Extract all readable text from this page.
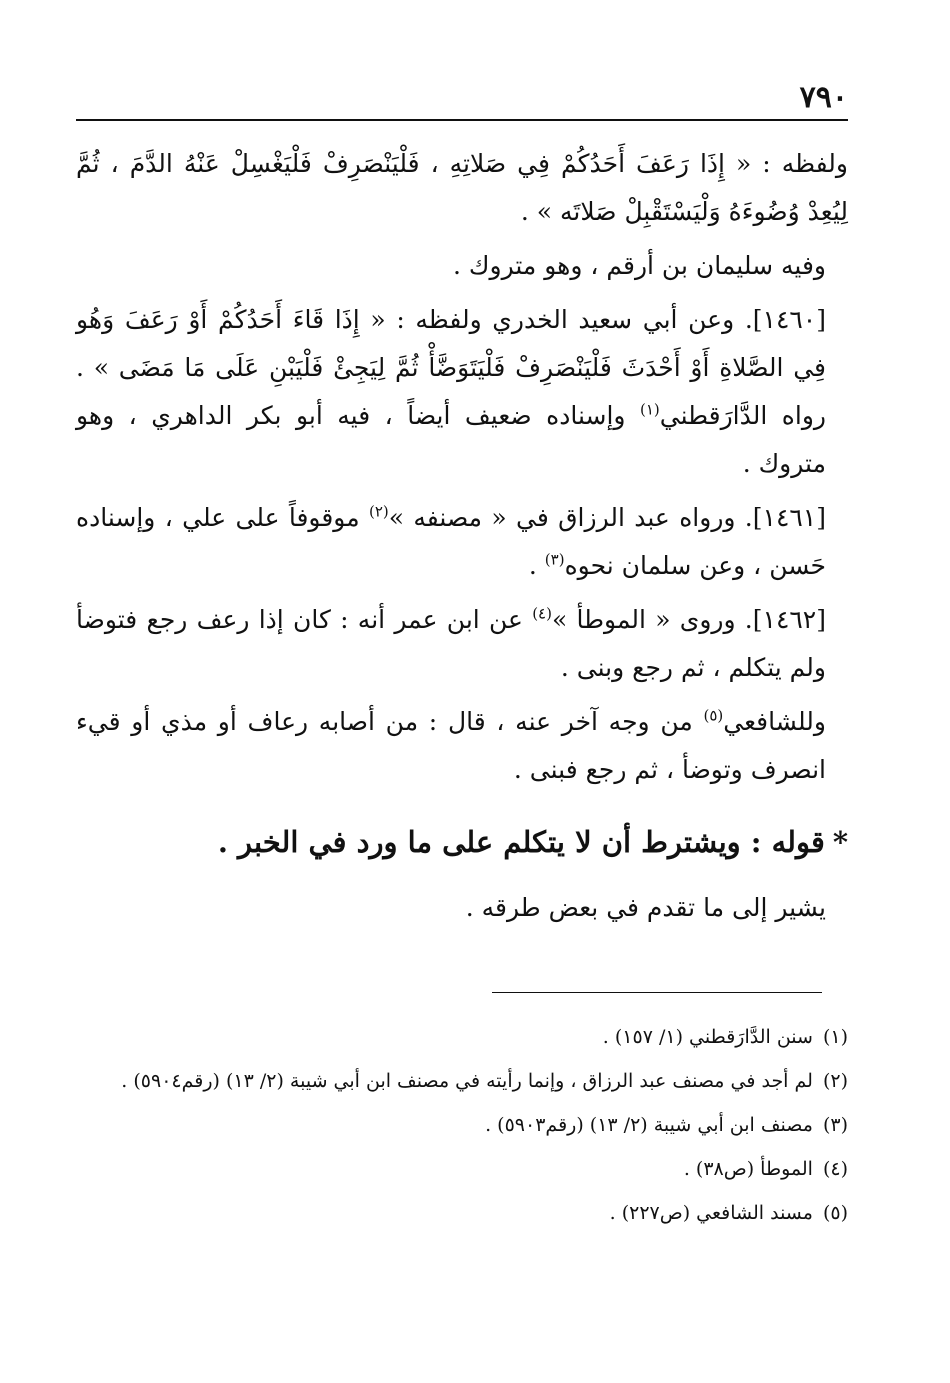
٧٩٠

ولفظه : « إِذَا رَعَفَ أَحَدُكُمْ فِي صَلاتِهِ ، فَلْيَنْصَرِفْ فَلْيَغْسِلْ عَنْهُ الدَّمَ ، ثُمَّ لِيُعِدْ وُضُوءَهُ وَلْيَسْتَقْبِلْ صَلاتَه » .

وفيه سليمان بن أرقم ، وهو متروك .

[١٤٦٠]. وعن أبي سعيد الخدري ولفظه : « إِذَا قَاءَ أَحَدُكُمْ أَوْ رَعَفَ وَهُو فِي الصَّلاةِ أَوْ أَحْدَثَ فَلْيَنْصَرِفْ فَلْيَتَوَضَّأْ ثُمَّ لِيَجِئْ فَلْيَبْنِ عَلَى مَا مَضَى » . رواه الدَّارَقطني$^{(١)}$ وإسناده ضعيف أيضاً ، فيه أبو بكر الداهري ، وهو متروك .

[١٤٦١]. ورواه عبد الرزاق في « مصنفه »$^{(٢)}$ موقوفاً على علي ، وإسناده حَسن ، وعن سلمان نحوه$^{(٣)}$ .

[١٤٦٢]. وروى « الموطأ »$^{(٤)}$ عن ابن عمر أنه : كان إذا رعف رجع فتوضأ ولم يتكلم ، ثم رجع وبنى .

وللشافعي$^{(٥)}$ من وجه آخر عنه ، قال : من أصابه رعاف أو مذي أو قيء انصرف وتوضأ ، ثم رجع فبنى .

*قوله : ويشترط أن لا يتكلم على ما ورد في الخبر .

يشير إلى ما تقدم في بعض طرقه .

(١)سنن الدَّارَقطني (١/ ١٥٧) .
(٢)لم أجد في مصنف عبد الرزاق ، وإنما رأيته في مصنف ابن أبي شيبة (٢/ ١٣) (رقم٥٩٠٤) .
(٣)مصنف ابن أبي شيبة (٢/ ١٣) (رقم٥٩٠٣) .
(٤)الموطأ (ص٣٨) .
(٥)مسند الشافعي (ص٢٢٧) .
